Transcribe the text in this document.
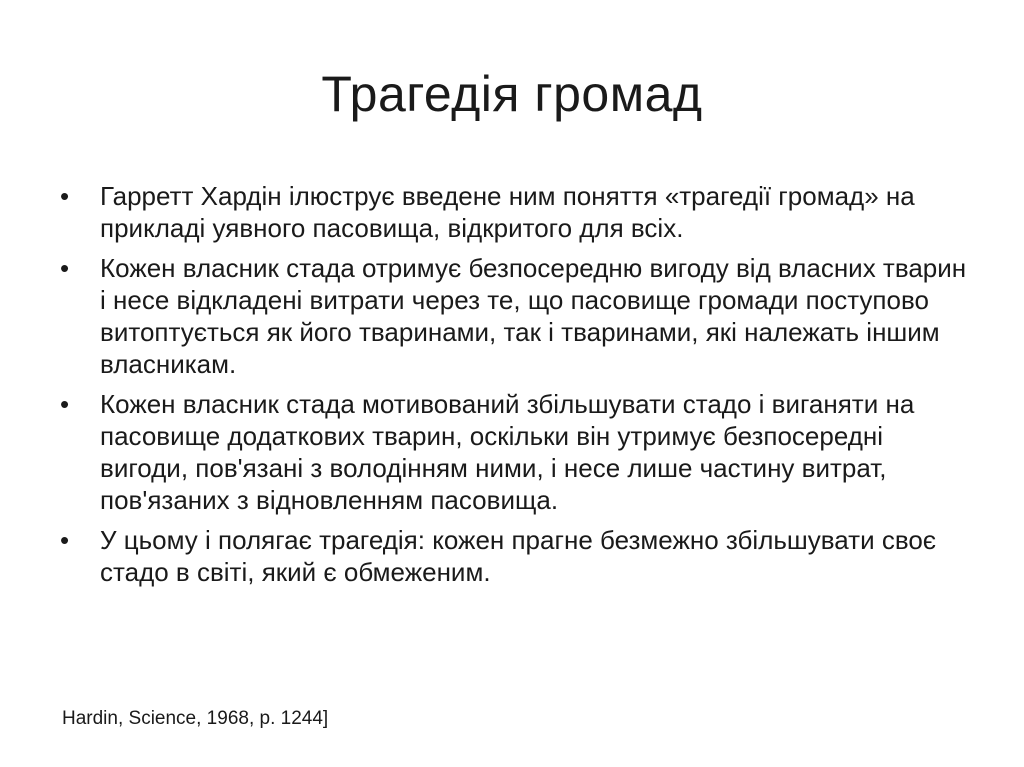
Трагедія громад
• Гарретт Хардін ілюструє введене ним поняття «трагедії громад» на прикладі уявного пасовища, відкритого для всіх.
• Кожен власник стада отримує безпосередню вигоду від власних тварин і несе відкладені витрати через те, що пасовище громади поступово витоптується як його тваринами, так і тваринами, які належать іншим власникам.
• Кожен власник стада мотивований збільшувати стадо і виганяти на пасовище додаткових тварин, оскільки він утримує безпосередні вигоди, пов'язані з володінням ними, і несе лише частину витрат, пов'язаних з відновленням пасовища.
• У цьому і полягає трагедія: кожен прагне безмежно збільшувати своє стадо в світі, який є обмеженим.
Hardin, Science, 1968, p. 1244]
